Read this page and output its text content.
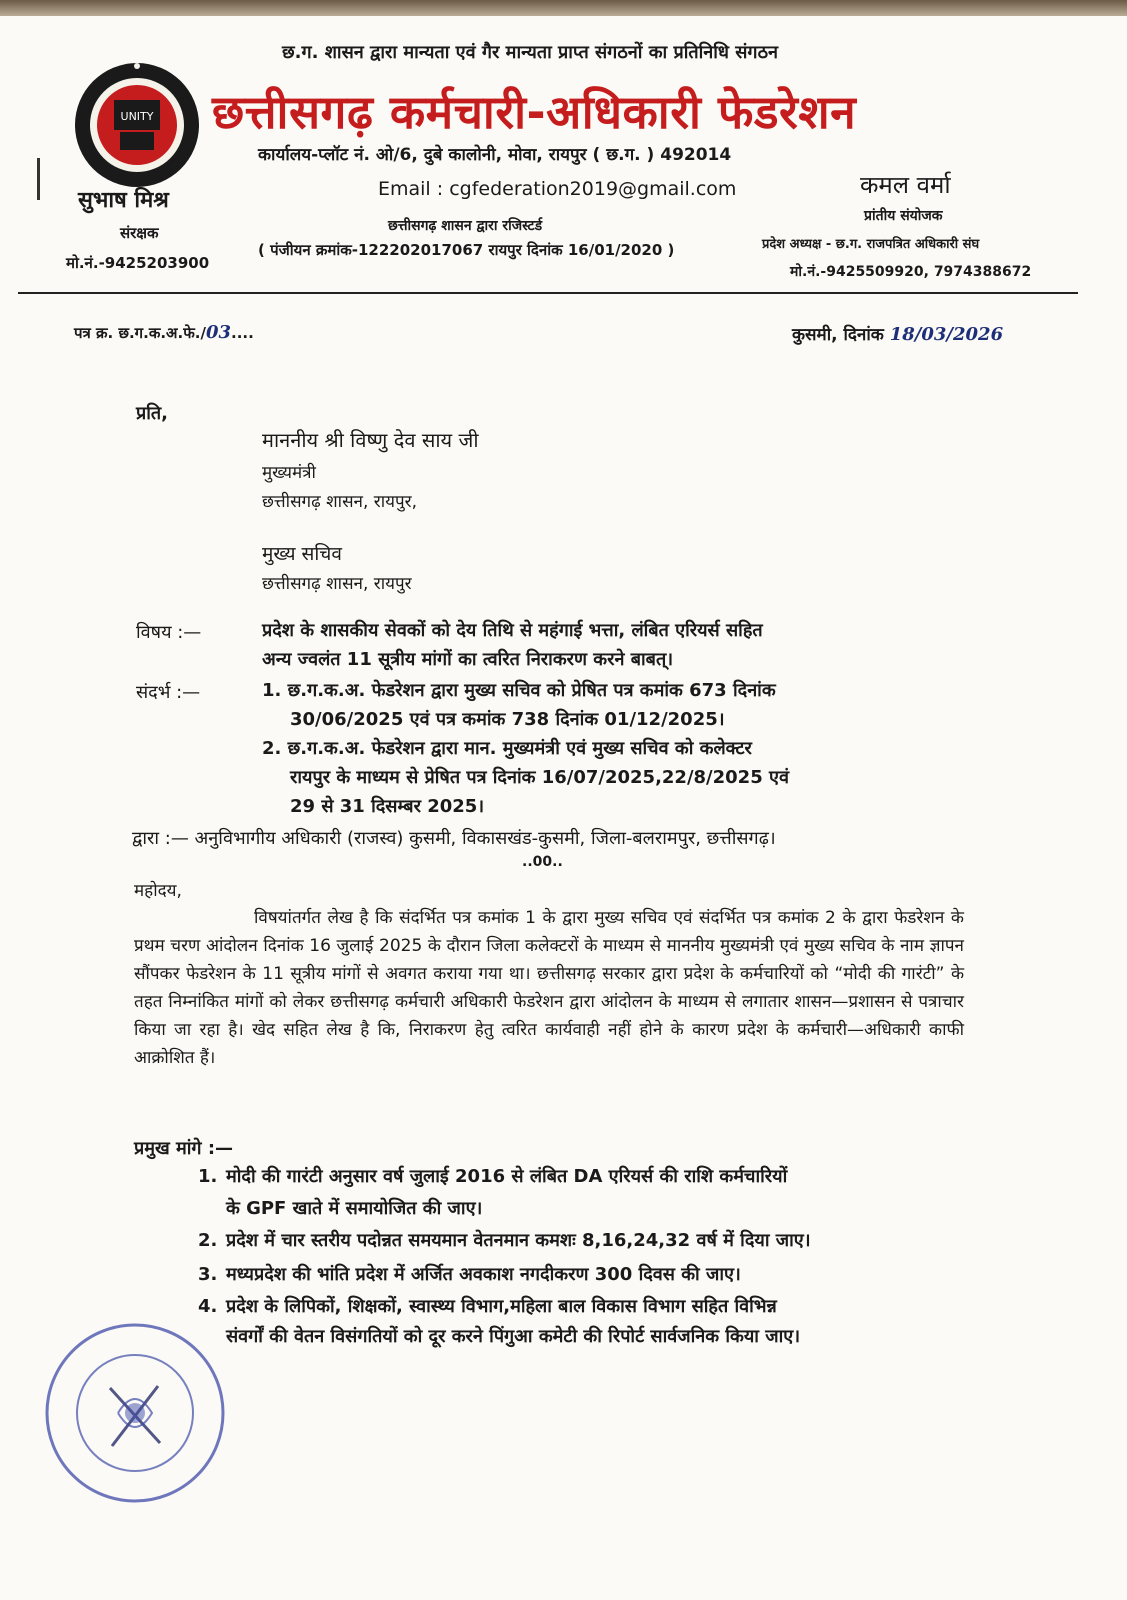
UNITY
छ.ग. शासन द्वारा मान्यता एवं गैर मान्यता प्राप्त संगठनों का प्रतिनिधि संगठन
छत्तीसगढ़ कर्मचारी-अधिकारी फेडरेशन
कार्यालय-प्लॉट नं. ओ/6, दुबे कालोनी, मोवा, रायपुर ( छ.ग. ) 492014
Email : cgfederation2019@gmail.com
छत्तीसगढ़ शासन द्वारा रजिस्टर्ड
( पंजीयन क्रमांक-122202017067 रायपुर दिनांक 16/01/2020 )
सुभाष मिश्र
संरक्षक
मो.नं.-9425203900
कमल वर्मा
प्रांतीय संयोजक
प्रदेश अध्यक्ष - छ.ग. राजपत्रित अधिकारी संघ
मो.नं.-9425509920, 7974388672
पत्र क्र. छ.ग.क.अ.फे./03....	कुसमी, दिनांक 18/03/2026
प्रति,
माननीय श्री विष्णु देव साय जी
मुख्यमंत्री
छत्तीसगढ़ शासन, रायपुर,
मुख्य सचिव
छत्तीसगढ़ शासन, रायपुर
विषय :—	प्रदेश के शासकीय सेवकों को देय तिथि से महंगाई भत्ता, लंबित एरियर्स सहित
अन्य ज्वलंत 11 सूत्रीय मांगों का त्वरित निराकरण करने बाबत्।
संदर्भ :—	1. छ.ग.क.अ. फेडरेशन द्वारा मुख्य सचिव को प्रेषित पत्र कमांक 673 दिनांक
30/06/2025 एवं पत्र कमांक 738 दिनांक 01/12/2025।
2. छ.ग.क.अ. फेडरेशन द्वारा मान. मुख्यमंत्री एवं मुख्य सचिव को कलेक्टर
रायपुर के माध्यम से प्रेषित पत्र दिनांक 16/07/2025,22/8/2025 एवं
29 से 31 दिसम्बर 2025।
द्वारा :— अनुविभागीय अधिकारी (राजस्व) कुसमी, विकासखंड-कुसमी, जिला-बलरामपुर, छत्तीसगढ़।
..00..
महोदय,
विषयांतर्गत लेख है कि संदर्भित पत्र कमांक 1 के द्वारा मुख्य सचिव एवं संदर्भित पत्र कमांक 2 के द्वारा फेडरेशन के प्रथम चरण आंदोलन दिनांक 16 जुलाई 2025 के दौरान जिला कलेक्टरों के माध्यम से माननीय मुख्यमंत्री एवं मुख्य सचिव के नाम ज्ञापन सौंपकर फेडरेशन के 11 सूत्रीय मांगों से अवगत कराया गया था। छत्तीसगढ़ सरकार द्वारा प्रदेश के कर्मचारियों को “मोदी की गारंटी” के तहत निम्नांकित मांगों को लेकर छत्तीसगढ़ कर्मचारी अधिकारी फेडरेशन द्वारा आंदोलन के माध्यम से लगातार शासन—प्रशासन से पत्राचार किया जा रहा है। खेद सहित लेख है कि, निराकरण हेतु त्वरित कार्यवाही नहीं होने के कारण प्रदेश के कर्मचारी—अधिकारी काफी आक्रोशित हैं।
प्रमुख मांगे :—
1. मोदी की गारंटी अनुसार वर्ष जुलाई 2016 से लंबित DA एरियर्स की राशि कर्मचारियों
के GPF खाते में समायोजित की जाए।
2. प्रदेश में चार स्तरीय पदोन्नत समयमान वेतनमान कमशः 8,16,24,32 वर्ष में दिया जाए।
3. मध्यप्रदेश की भांति प्रदेश में अर्जित अवकाश नगदीकरण 300 दिवस की जाए।
4. प्रदेश के लिपिकों, शिक्षकों, स्वास्थ्य विभाग,महिला बाल विकास विभाग सहित विभिन्न
संवर्गों की वेतन विसंगतियों को दूर करने पिंगुआ कमेटी की रिपोर्ट सार्वजनिक किया जाए।
